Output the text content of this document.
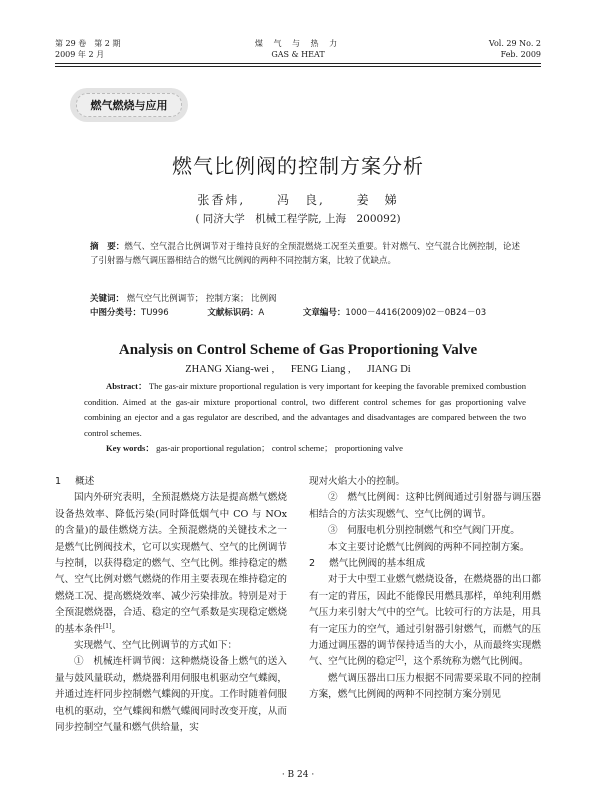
第 29 卷　第 2 期
2009 年 2 月
煤 气 与 热 力
GAS & HEAT
Vol. 29 No. 2
Feb. 2009
燃气燃烧与应用
燃气比例阀的控制方案分析
张香炜,	冯　良,	姜　娣
( 同济大学　机械工程学院, 上海　200092)
摘　要：燃气、空气混合比例调节对于维持良好的全预混燃烧工况至关重要。针对燃气、空气混合比例控制，论述了引射器与燃气调压器相结合的燃气比例阀的两种不同控制方案，比较了优缺点。
关键词： 燃气空气比例调节； 控制方案； 比例阀
中图分类号：TU996	文献标识码：A	文章编号：1000－4416(2009)02－0B24－03
Analysis on Control Scheme of Gas Proportioning Valve
ZHANG Xiang-wei , FENG Liang , JIANG Di
Abstract： The gas-air mixture proportional regulation is very important for keeping the favorable premixed combustion condition. Aimed at the gas-air mixture proportional control, two different control schemes for gas proportioning valve combining an ejector and a gas regulator are described, and the advantages and disadvantages are compared between the two control schemes.
Key words： gas-air proportional regulation； control scheme； proportioning valve

1 概述

国内外研究表明，全预混燃烧方法是提高燃气燃烧设备热效率、降低污染(同时降低烟气中 CO 与 NOx 的含量)的最佳燃烧方法。全预混燃烧的关键技术之一是燃气比例阀技术，它可以实现燃气、空气的比例调节与控制，以获得稳定的燃气、空气比例。维持稳定的燃气、空气比例对燃气燃烧的作用主要表现在维持稳定的燃烧工况、提高燃烧效率、减少污染排放。特别是对于全预混燃烧器，合适、稳定的空气系数是实现稳定燃烧的基本条件[1]。

实现燃气、空气比例调节的方式如下：

①　机械连杆调节阀：这种燃烧设备上燃气的送入量与鼓风量联动，燃烧器利用伺服电机驱动空气蝶阀，并通过连杆同步控制燃气蝶阀的开度。工作时随着伺服电机的驱动，空气蝶阀和燃气蝶阀同时改变开度，从而同步控制空气量和燃气供给量，实

现对火焰大小的控制。

②　燃气比例阀：这种比例阀通过引射器与调压器相结合的方法实现燃气、空气比例的调节。

③　伺服电机分别控制燃气和空气阀门开度。

本文主要讨论燃气比例阀的两种不同控制方案。

2 燃气比例阀的基本组成

对于大中型工业燃气燃烧设备，在燃烧器的出口都有一定的背压，因此不能像民用燃具那样，单纯利用燃气压力来引射大气中的空气。比较可行的方法是，用具有一定压力的空气，通过引射器引射燃气，而燃气的压力通过调压器的调节保持适当的大小，从而最终实现燃气、空气比例的稳定[2]，这个系统称为燃气比例阀。

燃气调压器出口压力根据不同需要采取不同的控制方案，燃气比例阀的两种不同控制方案分别见

· B 24 ·
